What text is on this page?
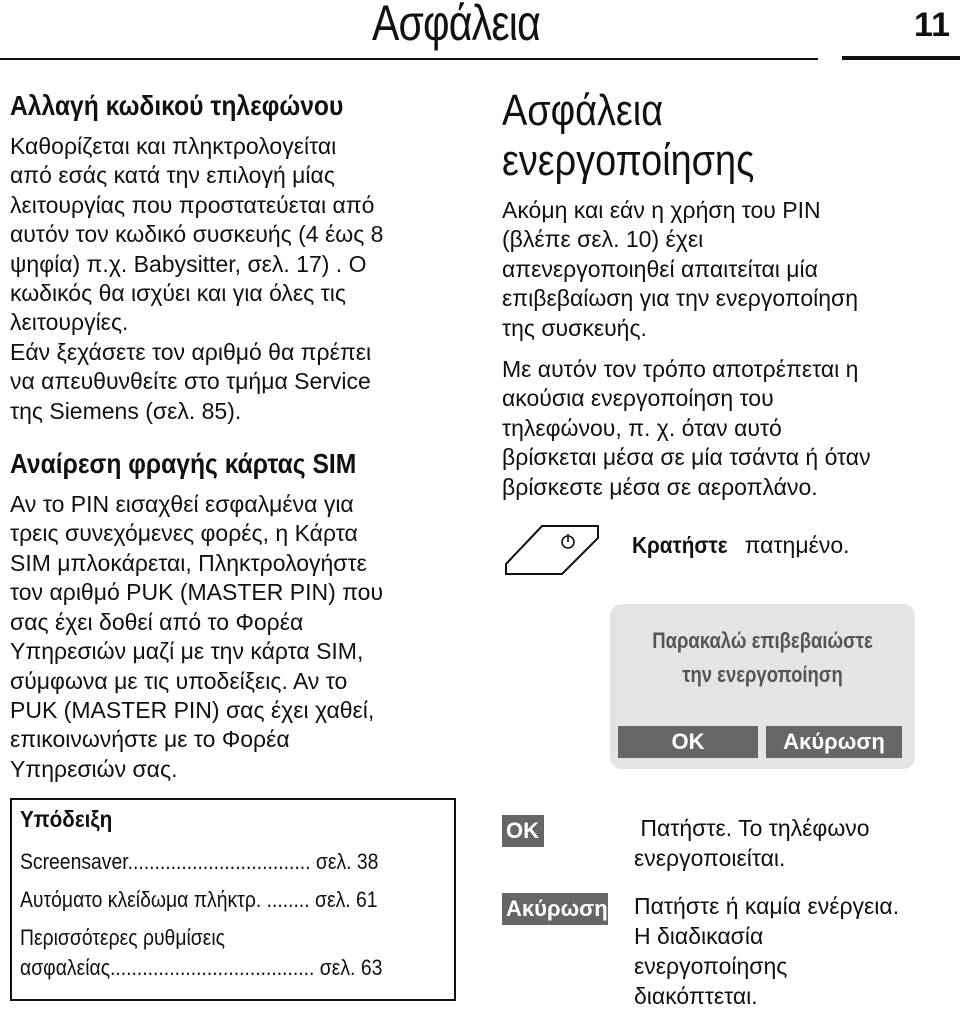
Ασφάλεια	11
Αλλαγή κωδικού τηλεφώνου
Καθορίζεται και πληκτρολογείται
από εσάς κατά την επιλογή μίας
λειτουργίας που προστατεύεται από
αυτόν τον κωδικό συσκευής (4 έως 8
ψηφία) π.χ. Babysitter, σελ. 17) . Ο
κωδικός θα ισχύει και για όλες τις
λειτουργίες.
Εάν ξεχάσετε τον αριθμό θα πρέπει
να απευθυνθείτε στο τμήμα Service
της Siemens (σελ. 85).
Αναίρεση φραγής κάρτας SIM
Αν το PIN εισαχθεί εσφαλμένα για
τρεις συνεχόμενες φορές, η Κάρτα
SIM μπλοκάρεται, Πληκτρολογήστε
τον αριθμό PUK (MASTER PIN) που
σας έχει δοθεί από το Φορέα
Υπηρεσιών μαζί με την κάρτα SIM,
σύμφωνα με τις υποδείξεις. Αν το
PUK (MASTER PIN) σας έχει χαθεί,
επικοινωνήστε με το Φορέα
Υπηρεσιών σας.
Υπόδειξη
Screensaver.................................. σελ. 38
Αυτόματο κλείδωμα πλήκτρ. ........ σελ. 61
Περισσότερες ρυθμίσεις
ασφαλείας...................................... σελ. 63
Ασφάλεια
ενεργοποίησης
Ακόμη και εάν η χρήση του PIN
(βλέπε σελ. 10) έχει
απενεργοποιηθεί απαιτείται μία
επιβεβαίωση για την ενεργοποίηση
της συσκευής.
Με αυτόν τον τρόπο αποτρέπεται η
ακούσια ενεργοποίηση του
τηλεφώνου, π. χ. όταν αυτό
βρίσκεται μέσα σε μία τσάντα ή όταν
βρίσκεστε μέσα σε αεροπλάνο.
Κρατήστε πατημένο.
Παρακαλώ επιβεβαιώστε
την ενεργοποίηση
OK	Ακύρωση
OK	Πατήστε. Το τηλέφωνο
ενεργοποιείται.
Ακύρωση Πατήστε ή καμία ενέργεια.
Η διαδικασία
ενεργοποίησης
διακόπτεται.
